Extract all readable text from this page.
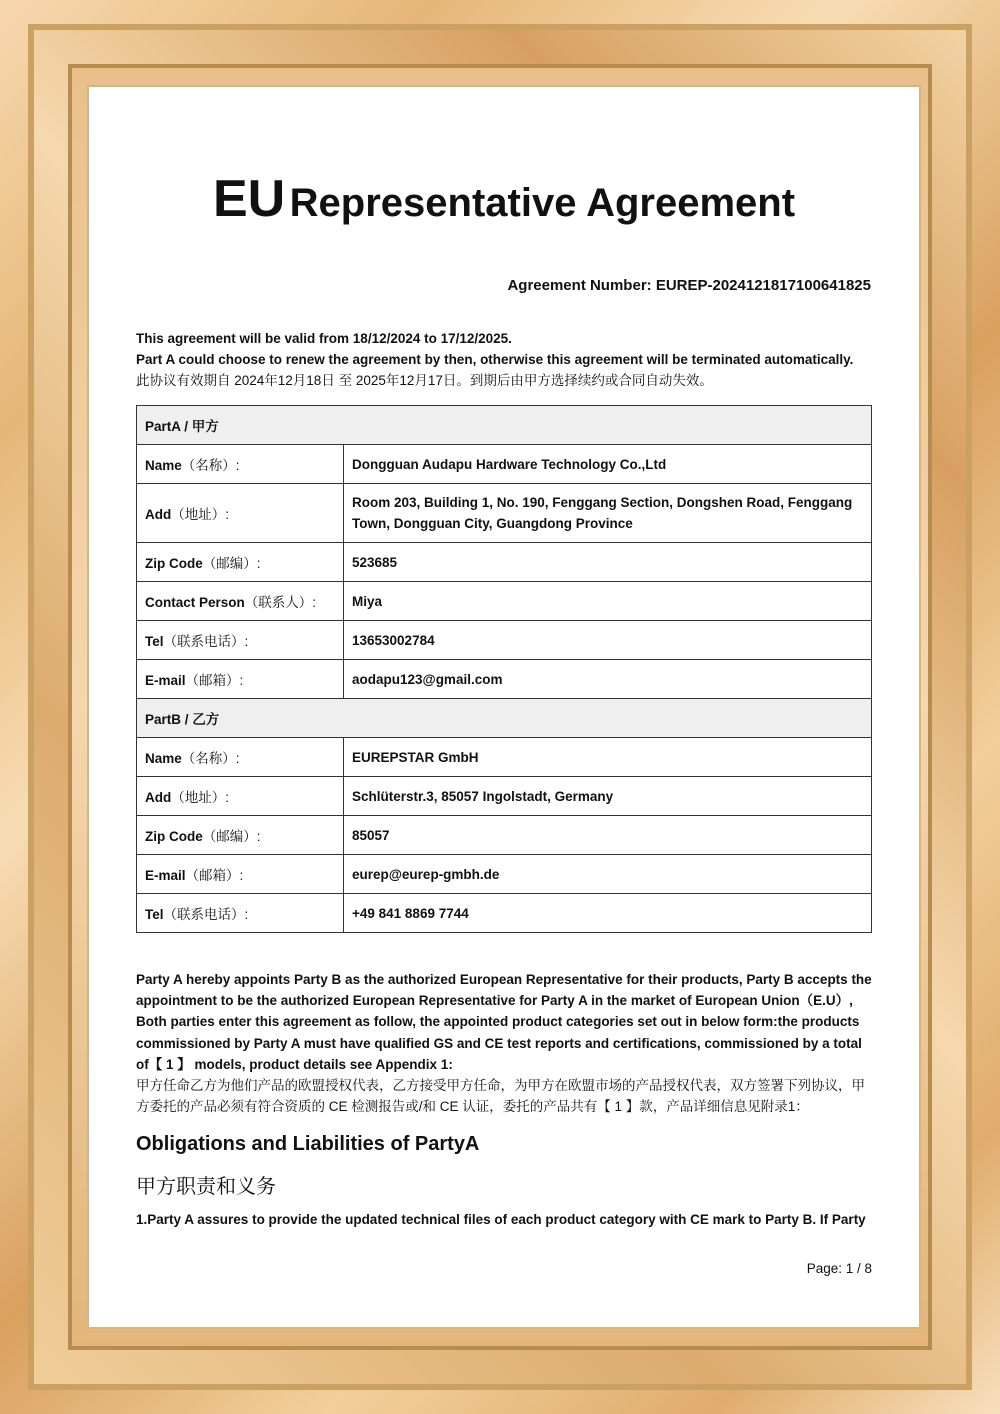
EU Representative Agreement
Agreement Number: EUREP-2024121817100641825
This agreement will be valid from 18/12/2024 to 17/12/2025.
Part A could choose to renew the agreement by then, otherwise this agreement will be terminated automatically.
此协议有效期自 2024年12月18日 至 2025年12月17日。到期后由甲方选择续约或合同自动失效。
PartA / 甲方	
Name（名称）:	Dongguan Audapu Hardware Technology Co.,Ltd
Add（地址）:	Room 203, Building 1, No. 190, Fenggang Section, Dongshen Road, Fenggang Town, Dongguan City, Guangdong Province
Zip Code（邮编）:	523685
Contact Person（联系人）:	Miya
Tel（联系电话）:	13653002784
E-mail（邮箱）:	aodapu123@gmail.com
PartB / 乙方	
Name（名称）:	EUREPSTAR GmbH
Add（地址）:	Schlüterstr.3, 85057 Ingolstadt, Germany
Zip Code（邮编）:	85057
E-mail（邮箱）:	eurep@eurep-gmbh.de
Tel（联系电话）:	+49 841 8869 7744
Party A hereby appoints Party B as the authorized European Representative for their products, Party B accepts the appointment to be the authorized European Representative for Party A in the market of European Union（E.U）, Both parties enter this agreement as follow, the appointed product categories set out in below form:the products commissioned by Party A must have qualified GS and CE test reports and certifications, commissioned by a total of【 1 】 models, product details see Appendix 1:
甲方任命乙方为他们产品的欧盟授权代表，乙方接受甲方任命，为甲方在欧盟市场的产品授权代表，双方签署下列协议，甲方委托的产品必须有符合资质的 CE 检测报告或/和 CE 认证，委托的产品共有【 1 】款，产品详细信息见附录1：
Obligations and Liabilities of PartyA
甲方职责和义务
1.Party A assures to provide the updated technical files of each product category with CE mark to Party B. If Party
Page: 1 / 8
